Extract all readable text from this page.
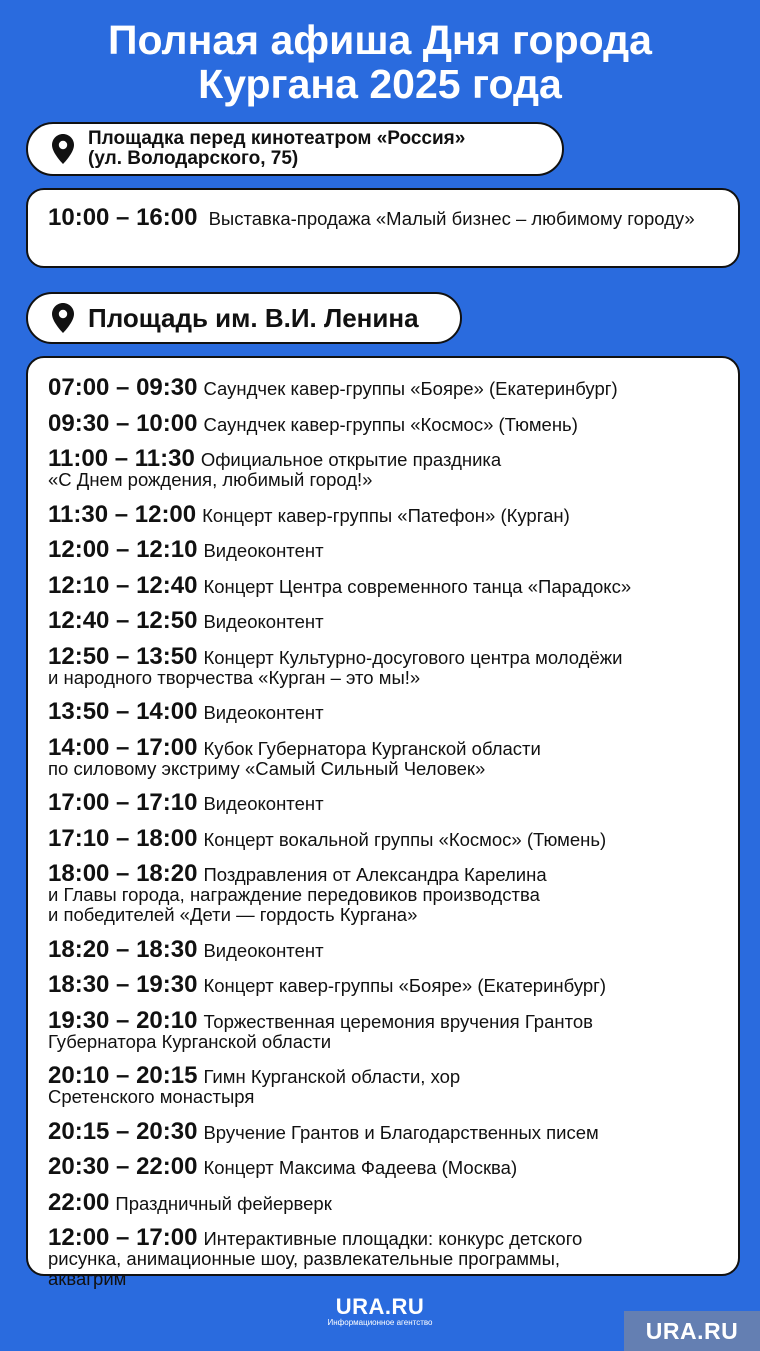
Полная афиша Дня города
Кургана 2025 года
Площадка перед кинотеатром «Россия»
(ул. Володарского, 75)
10:00 – 16:00 Выставка-продажа «Малый бизнес – любимому городу»
Площадь им. В.И. Ленина
07:00 – 09:30 Саундчек кавер-группы «Бояре» (Екатеринбург)
09:30 – 10:00 Саундчек кавер-группы «Космос» (Тюмень)
11:00 – 11:30 Официальное открытие праздника
«С Днем рождения, любимый город!»
11:30 – 12:00 Концерт кавер-группы «Патефон» (Курган)
12:00 – 12:10 Видеоконтент
12:10 – 12:40 Концерт Центра современного танца «Парадокс»
12:40 – 12:50 Видеоконтент
12:50 – 13:50 Концерт Культурно-досугового центра молодёжи
и народного творчества «Курган – это мы!»
13:50 – 14:00 Видеоконтент
14:00 – 17:00 Кубок Губернатора Курганской области
по силовому экстриму «Самый Сильный Человек»
17:00 – 17:10 Видеоконтент
17:10 – 18:00 Концерт вокальной группы «Космос» (Тюмень)
18:00 – 18:20 Поздравления от Александра Карелина
и Главы города, награждение передовиков производства
и победителей «Дети — гордость Кургана»
18:20 – 18:30 Видеоконтент
18:30 – 19:30 Концерт кавер-группы «Бояре» (Екатеринбург)
19:30 – 20:10 Торжественная церемония вручения Грантов
Губернатора Курганской области
20:10 – 20:15 Гимн Курганской области, хор
Сретенского монастыря
20:15 – 20:30 Вручение Грантов и Благодарственных писем
20:30 – 22:00 Концерт Максима Фадеева (Москва)
22:00 Праздничный фейерверк
12:00 – 17:00 Интерактивные площадки: конкурс детского
рисунка, анимационные шоу, развлекательные программы,
аквагрим
URA.RU
Информационное агентство	URA.RU
